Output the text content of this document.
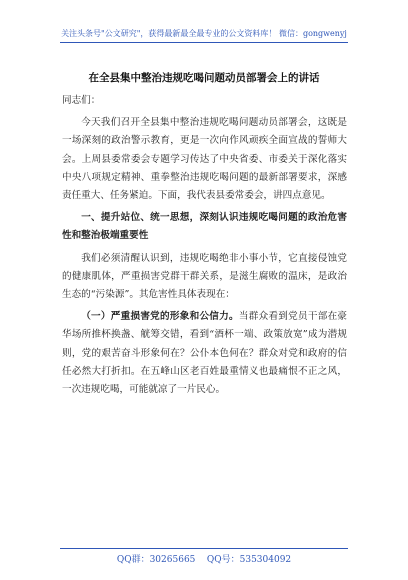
关注头条号"公文研究"，获得最新最全最专业的公文资料库！ 微信：gongwenyj
在全县集中整治违规吃喝问题动员部署会上的讲话

同志们：

今天我们召开全县集中整治违规吃喝问题动员部署会，这既是一场深刻的政治警示教育，更是一次向作风顽疾全面宣战的誓师大会。上周县委常委会专题学习传达了中央省委、市委关于深化落实中央八项规定精神、重拳整治违规吃喝问题的最新部署要求，深感责任重大、任务紧迫。下面，我代表县委常委会，讲四点意见。

一、提升站位、统一思想，深刻认识违规吃喝问题的政治危害性和整治极端重要性

我们必须清醒认识到，违规吃喝绝非小事小节，它直接侵蚀党的健康肌体，严重损害党群干群关系，是滋生腐败的温床，是政治生态的“污染源”。其危害性具体表现在：

（一）严重损害党的形象和公信力。当群众看到党员干部在豪华场所推杯换盏、觥筹交错，看到“酒杯一端、政策放宽”成为潜规则，党的艰苦奋斗形象何在？公仆本色何在？群众对党和政府的信任必然大打折扣。在五峰山区老百姓最重情义也最痛恨不正之风，一次违规吃喝，可能就凉了一片民心。

QQ群：30265665 QQ号：535304092
